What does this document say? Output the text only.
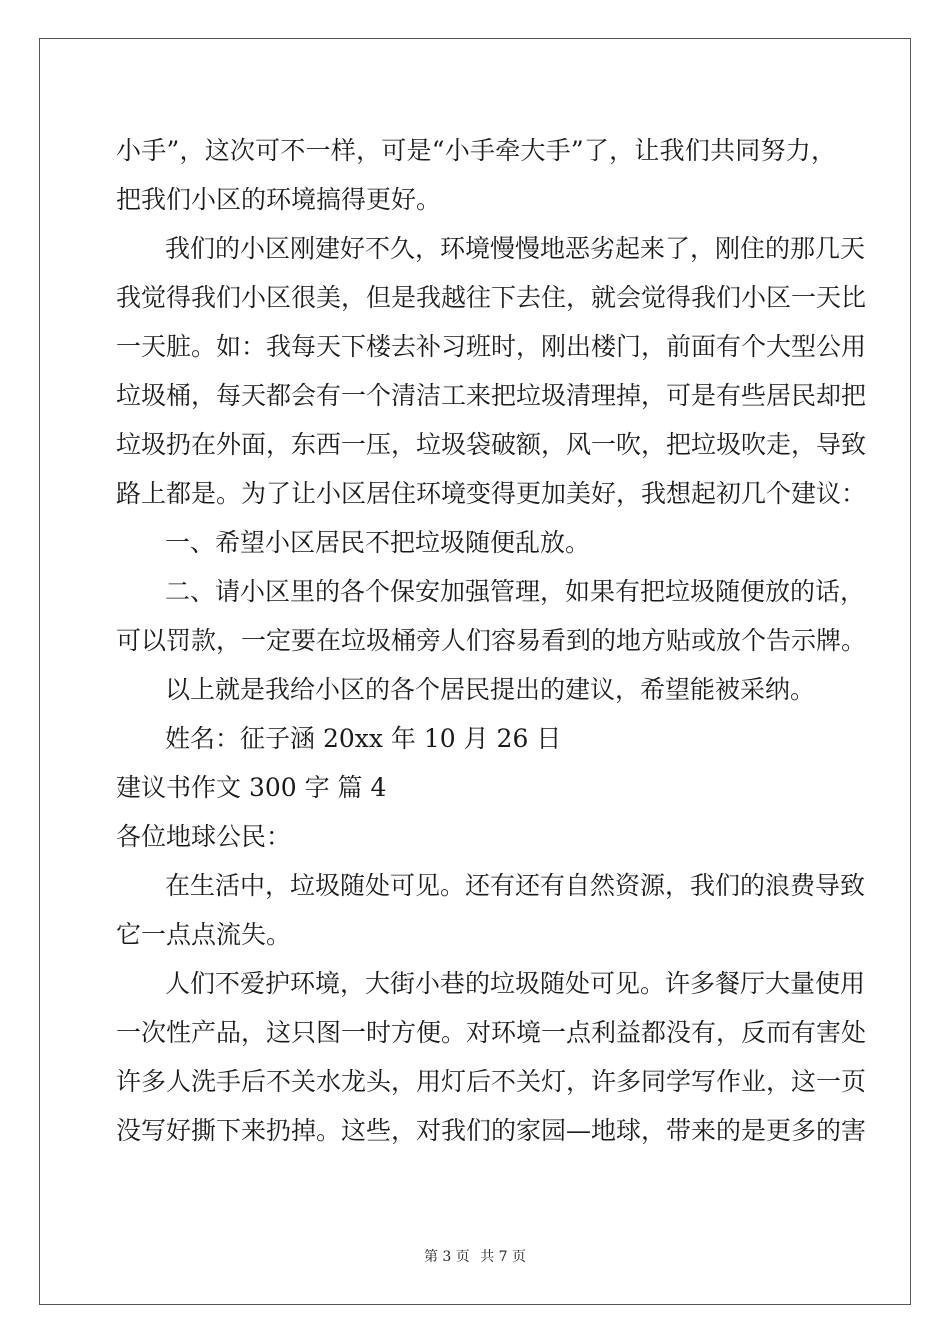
小手”，这次可不一样，可是“小手牵大手”了，让我们共同努力，
把我们小区的环境搞得更好。
我们的小区刚建好不久，环境慢慢地恶劣起来了，刚住的那几天
我觉得我们小区很美，但是我越往下去住，就会觉得我们小区一天比
一天脏。如：我每天下楼去补习班时，刚出楼门，前面有个大型公用
垃圾桶，每天都会有一个清洁工来把垃圾清理掉，可是有些居民却把
垃圾扔在外面，东西一压，垃圾袋破额，风一吹，把垃圾吹走，导致
路上都是。为了让小区居住环境变得更加美好，我想起初几个建议：
一、希望小区居民不把垃圾随便乱放。
二、请小区里的各个保安加强管理，如果有把垃圾随便放的话，
可以罚款，一定要在垃圾桶旁人们容易看到的地方贴或放个告示牌。
以上就是我给小区的各个居民提出的建议，希望能被采纳。
姓名：征子涵 20xx 年 10 月 26 日
建议书作文 300 字 篇 4
各位地球公民：
在生活中，垃圾随处可见。还有还有自然资源，我们的浪费导致
它一点点流失。
人们不爱护环境，大街小巷的垃圾随处可见。许多餐厅大量使用
一次性产品，这只图一时方便。对环境一点利益都没有，反而有害处
许多人洗手后不关水龙头，用灯后不关灯，许多同学写作业，这一页
没写好撕下来扔掉。这些，对我们的家园—地球，带来的是更多的害
第 3 页 共 7 页
